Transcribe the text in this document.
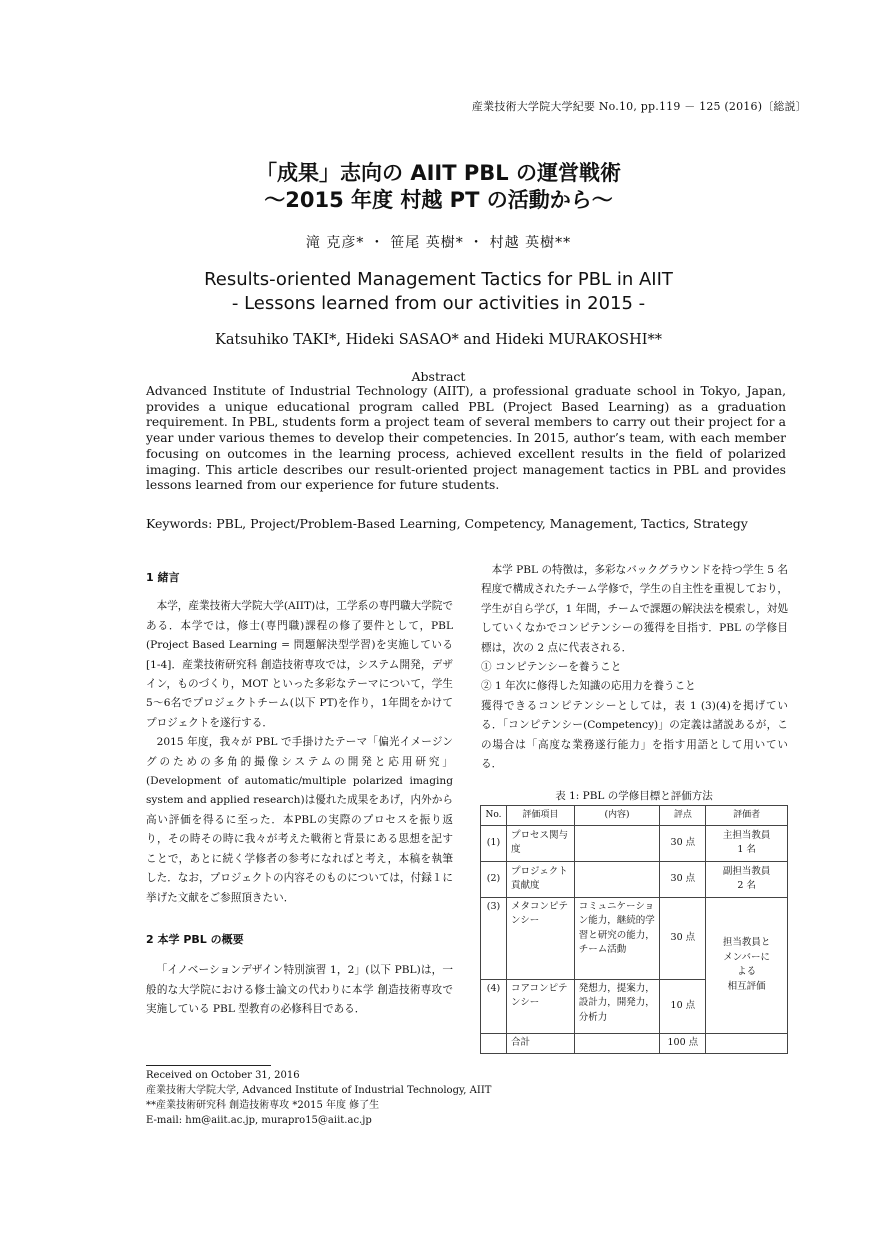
産業技術大学院大学紀要 No.10, pp.119 － 125 (2016)〔総説〕
「成果」志向の AIIT PBL の運営戦術
～2015 年度 村越 PT の活動から～
滝 克彦* ・ 笹尾 英樹* ・ 村越 英樹**
Results-oriented Management Tactics for PBL in AIIT
- Lessons learned from our activities in 2015 -
Katsuhiko TAKI*, Hideki SASAO* and Hideki MURAKOSHI**
Abstract
Advanced Institute of Industrial Technology (AIIT), a professional graduate school in Tokyo, Japan, provides a unique educational program called PBL (Project Based Learning) as a graduation requirement. In PBL, students form a project team of several members to carry out their project for a year under various themes to develop their competencies. In 2015, author’s team, with each member focusing on outcomes in the learning process, achieved excellent results in the field of polarized imaging. This article describes our result-oriented project management tactics in PBL and provides lessons learned from our experience for future students.
Keywords: PBL, Project/Problem-Based Learning, Competency, Management, Tactics, Strategy
1 緒言

本学，産業技術大学院大学(AIIT)は，工学系の専門職大学院である．本学では，修士(専門職)課程の修了要件として，PBL (Project Based Learning = 問題解決型学習)を実施している[1-4]．産業技術研究科 創造技術専攻では，システム開発，デザイン，ものづくり，MOT といった多彩なテーマについて，学生5～6名でプロジェクトチーム(以下 PT)を作り，1年間をかけてプロジェクトを遂行する．

2015 年度，我々が PBL で手掛けたテーマ「偏光イメージングのための多角的撮像システムの開発と応用研究」(Development of automatic/multiple polarized imaging system and applied research)は優れた成果をあげ，内外から高い評価を得るに至った．本PBLの実際のプロセスを振り返り，その時その時に我々が考えた戦術と背景にある思想を記すことで，あとに続く学修者の参考になればと考え，本稿を執筆した．なお，プロジェクトの内容そのものについては，付録１に挙げた文献をご参照頂きたい．

2 本学 PBL の概要

「イノベーションデザイン特別演習 1，2」(以下 PBL)は，一般的な大学院における修士論文の代わりに本学 創造技術専攻で実施している PBL 型教育の必修科目である．

本学 PBL の特徴は，多彩なバックグラウンドを持つ学生 5 名程度で構成されたチーム学修で，学生の自主性を重視しており，学生が自ら学び，1 年間，チームで課題の解決法を模索し，対処していくなかでコンピテンシーの獲得を目指す．PBL の学修目標は，次の 2 点に代表される．

① コンピテンシーを養うこと

② 1 年次に修得した知識の応用力を養うこと

獲得できるコンピテンシーとしては，表 1 (3)(4)を掲げている．「コンピテンシー(Competency)」の定義は諸説あるが，この場合は「高度な業務遂行能力」を指す用語として用いている．

表 1: PBL の学修目標と評価方法
No.	評価項目	(内容)	評点	評価者
(1)	プロセス関与度		30 点	主担当教員
1 名
(2)	プロジェクト貢献度		30 点	副担当教員
2 名
(3)	メタコンピテンシー	コミュニケーション能力，継続的学習と研究の能力，チーム活動	30 点	担当教員と
メンバーに
よる
相互評価
(4)	コアコンピテンシー	発想力，提案力，設計力，開発力，分析力	10 点	
	合計		100 点	
Received on October 31, 2016
産業技術大学院大学, Advanced Institute of Industrial Technology, AIIT
**産業技術研究科 創造技術専攻 *2015 年度 修了生
E-mail: hm@aiit.ac.jp, murapro15@aiit.ac.jp
